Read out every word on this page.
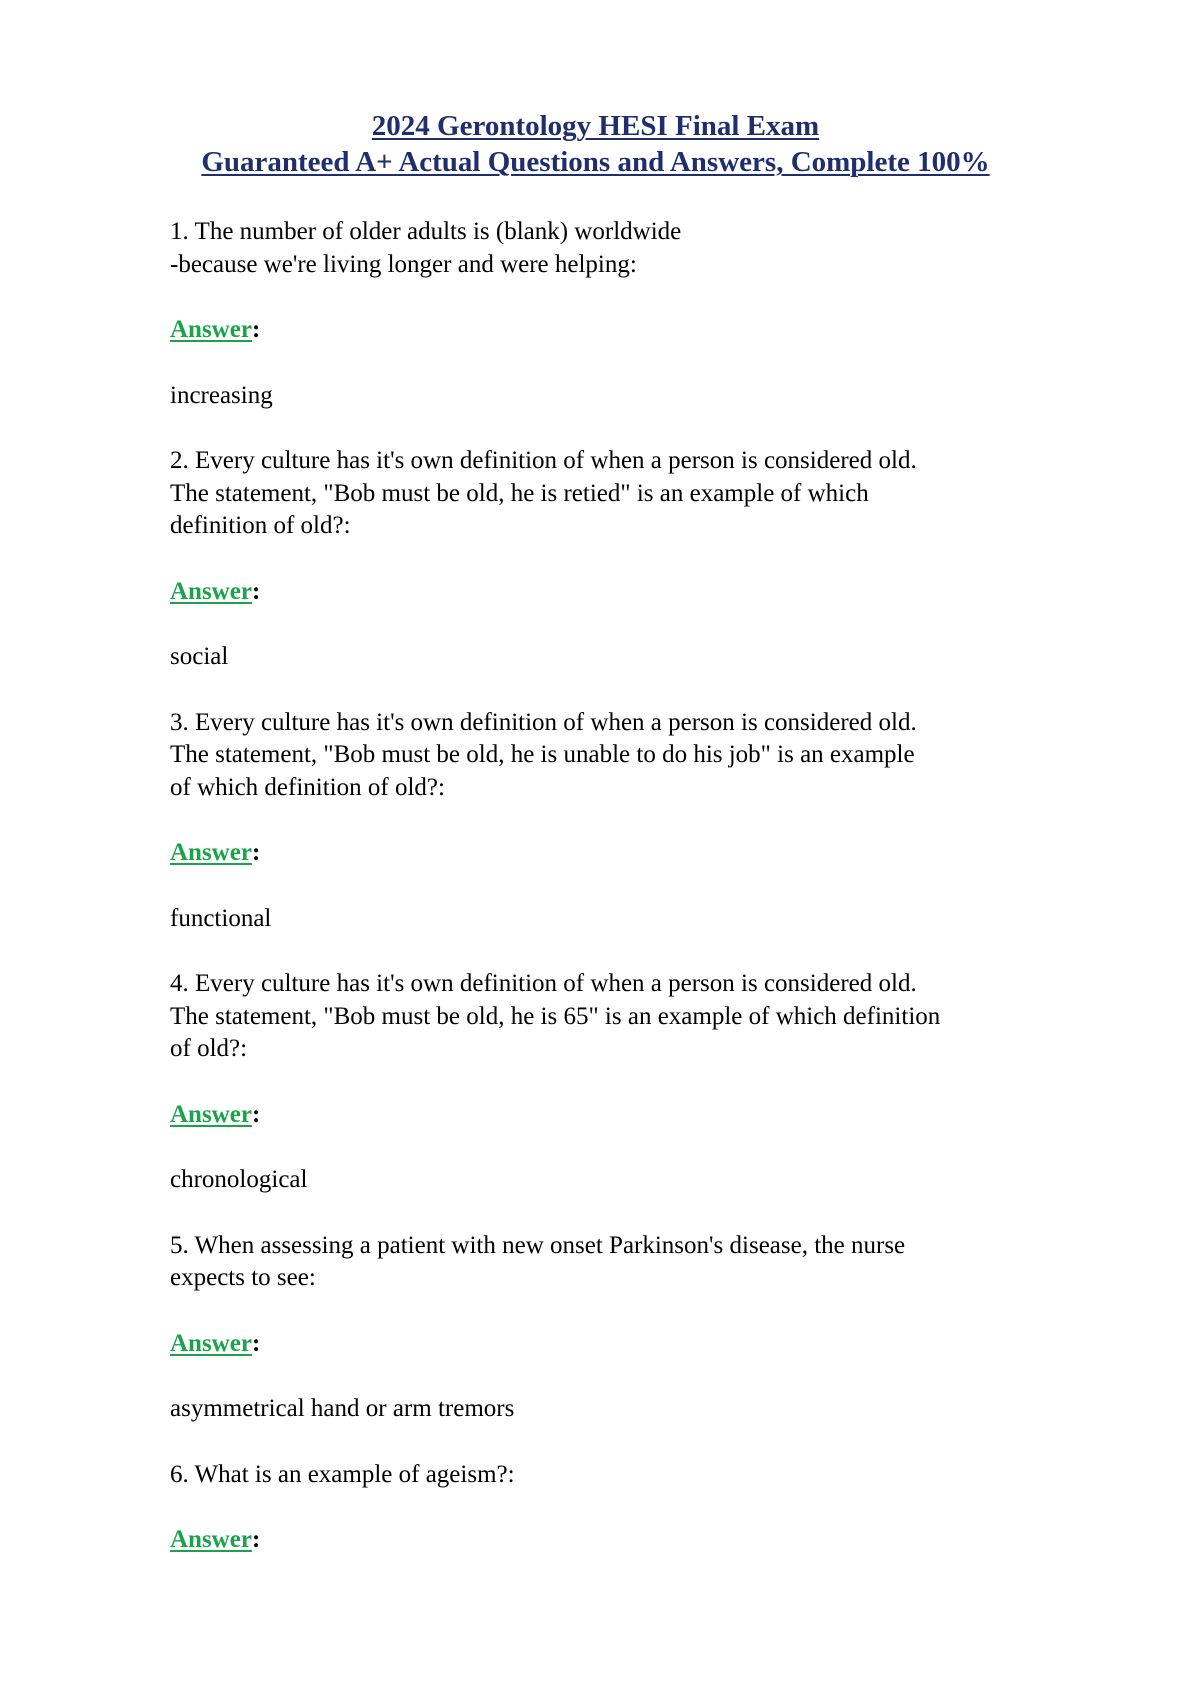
2024 Gerontology HESI Final Exam
Guaranteed A+ Actual Questions and Answers, Complete 100%

1. The number of older adults is (blank) worldwide
-because we're living longer and were helping:

Answer:

increasing

2. Every culture has it's own definition of when a person is considered old.
The statement, "Bob must be old, he is retied" is an example of which
definition of old?:

Answer:

social

3. Every culture has it's own definition of when a person is considered old.
The statement, "Bob must be old, he is unable to do his job" is an example
of which definition of old?:

Answer:

functional

4. Every culture has it's own definition of when a person is considered old.
The statement, "Bob must be old, he is 65" is an example of which definition
of old?:

Answer:

chronological

5. When assessing a patient with new onset Parkinson's disease, the nurse
expects to see:

Answer:

asymmetrical hand or arm tremors

6. What is an example of ageism?:

Answer:
